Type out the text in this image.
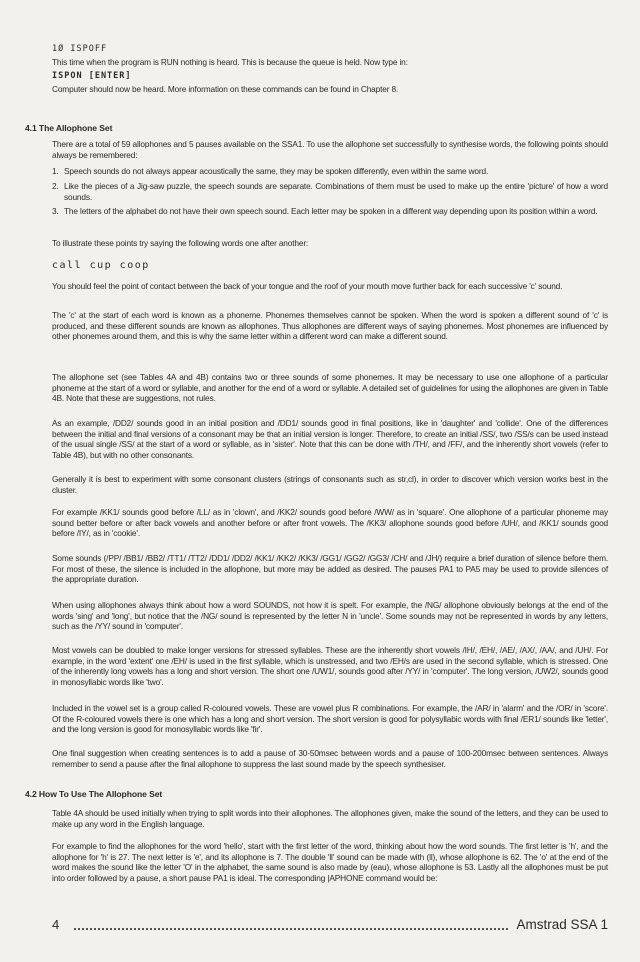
1Ø ISPOFF
This time when the program is RUN nothing is heard. This is because the queue is held. Now type in:
ISPON [ENTER]
Computer should now be heard. More information on these commands can be found in Chapter 8.
4.1 The Allophone Set
There are a total of 59 allophones and 5 pauses available on the SSA1. To use the allophone set successfully to synthesise words, the following points should always be remembered:
1. Speech sounds do not always appear acoustically the same, they may be spoken differently, even within the same word.
2. Like the pieces of a Jig-saw puzzle, the speech sounds are separate. Combinations of them must be used to make up the entire 'picture' of how a word sounds.
3. The letters of the alphabet do not have their own speech sound. Each letter may be spoken in a different way depending upon its position within a word.
To illustrate these points try saying the following words one after another:
call cup coop
You should feel the point of contact between the back of your tongue and the roof of your mouth move further back for each successive 'c' sound.
The 'c' at the start of each word is known as a phoneme. Phonemes themselves cannot be spoken. When the word is spoken a different sound of 'c' is produced, and these different sounds are known as allophones. Thus allophones are different ways of saying phonemes. Most phonemes are influenced by other phonemes around them, and this is why the same letter within a different word can make a different sound.
The allophone set (see Tables 4A and 4B) contains two or three sounds of some phonemes. It may be necessary to use one allophone of a particular phoneme at the start of a word or syllable, and another for the end of a word or syllable. A detailed set of guidelines for using the allophones are given in Table 4B. Note that these are suggestions, not rules.
As an example, /DD2/ sounds good in an initial position and /DD1/ sounds good in final positions, like in 'daughter' and 'collide'. One of the differences between the initial and final versions of a consonant may be that an initial version is longer. Therefore, to create an initial /SS/, two /SS/s can be used instead of the usual single /SS/ at the start of a word or syllable, as in 'sister'. Note that this can be done with /TH/, and /FF/, and the inherently short vowels (refer to Table 4B), but with no other consonants.
Generally it is best to experiment with some consonant clusters (strings of consonants such as str,cl), in order to discover which version works best in the cluster.
For example /KK1/ sounds good before /LL/ as in 'clown', and /KK2/ sounds good before /WW/ as in 'square'. One allophone of a particular phoneme may sound better before or after back vowels and another before or after front vowels. The /KK3/ allophone sounds good before /UH/, and /KK1/ sounds good before /IY/, as in 'cookie'.
Some sounds (/PP/ /BB1/ /BB2/ /TT1/ /TT2/ /DD1/ /DD2/ /KK1/ /KK2/ /KK3/ /GG1/ /GG2/ /GG3/ /CH/ and /JH/) require a brief duration of silence before them. For most of these, the silence is included in the allophone, but more may be added as desired. The pauses PA1 to PA5 may be used to provide silences of the appropriate duration.
When using allophones always think about how a word SOUNDS, not how it is spelt. For example, the /NG/ allophone obviously belongs at the end of the words 'sing' and 'long', but notice that the /NG/ sound is represented by the letter N in 'uncle'. Some sounds may not be represented in words by any letters, such as the /YY/ sound in 'computer'.
Most vowels can be doubled to make longer versions for stressed syllables. These are the inherently short vowels /IH/, /EH/, /AE/, /AX/, /AA/, and /UH/. For example, in the word 'extent' one /EH/ is used in the first syllable, which is unstressed, and two /EH/s are used in the second syllable, which is stressed. One of the inherently long vowels has a long and short version. The short one /UW1/, sounds good after /YY/ in 'computer'. The long version, /UW2/, sounds good in monosyllabic words like 'two'.
Included in the vowel set is a group called R-coloured vowels. These are vowel plus R combinations. For example, the /AR/ in 'alarm' and the /OR/ in 'score'. Of the R-coloured vowels there is one which has a long and short version. The short version is good for polysyllabic words with final /ER1/ sounds like 'letter', and the long version is good for monosyllabic words like 'fir'.
One final suggestion when creating sentences is to add a pause of 30-50msec between words and a pause of 100-200msec between sentences. Always remember to send a pause after the final allophone to suppress the last sound made by the speech synthesiser.
4.2 How To Use The Allophone Set
Table 4A should be used initially when trying to split words into their allophones. The allophones given, make the sound of the letters, and they can be used to make up any word in the English language.
For example to find the allophones for the word 'hello', start with the first letter of the word, thinking about how the word sounds. The first letter is 'h', and the allophone for 'h' is 27. The next letter is 'e', and its allophone is 7. The double 'll' sound can be made with (ll), whose allophone is 62. The 'o' at the end of the word makes the sound like the letter 'O' in the alphabet, the same sound is also made by (eau), whose allophone is 53. Lastly all the allophones must be put into order followed by a pause, a short pause PA1 is ideal. The corresponding |APHONE command would be:
4	Amstrad SSA 1
